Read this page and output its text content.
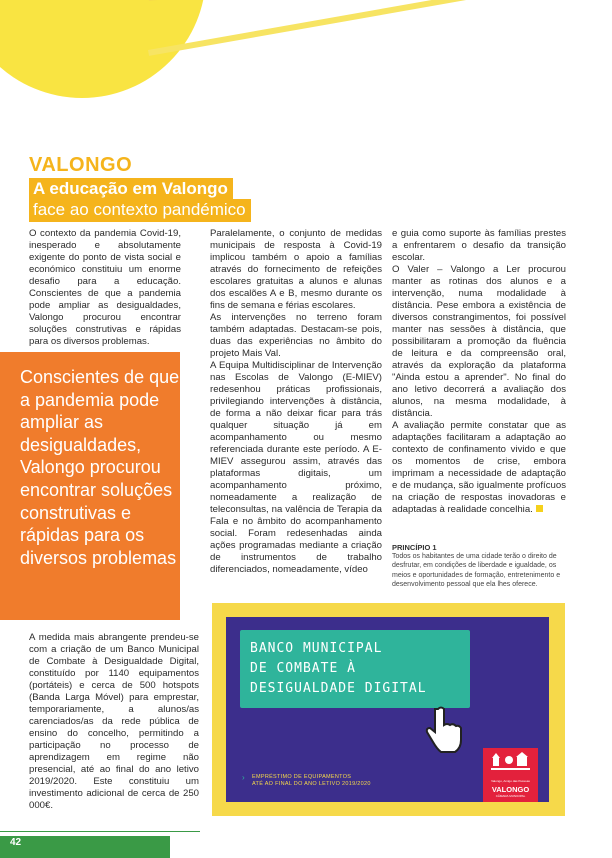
VALONGO
A educação em Valongo
face ao contexto pandémico

O contexto da pandemia Covid-19, inesperado e absolutamente exigente do ponto de vista social e económico constituiu um enorme desafio para a educação. Conscientes de que a pandemia pode ampliar as desigualdades, Valongo procurou encontrar soluções construtivas e rápidas para os diversos problemas.

Conscientes de que a pandemia pode ampliar as desigualdades, Valongo procurou encontrar soluções construtivas e rápidas para os diversos problemas

A medida mais abrangente prendeu-se com a criação de um Banco Municipal de Combate à Desigualdade Digital, constituído por 1140 equipamentos (portáteis) e cerca de 500 hotspots (Banda Larga Móvel) para emprestar, temporariamente, a alunos/as carenciados/as da rede pública de ensino do concelho, permitindo a participação no processo de aprendizagem em regime não presencial, até ao final do ano letivo 2019/2020. Este constituiu um investimento adicional de cerca de 250 000€.

Paralelamente, o conjunto de medidas municipais de resposta à Covid-19 implicou também o apoio a famílias através do fornecimento de refeições escolares gratuitas a alunos e alunas dos escalões A e B, mesmo durante os fins de semana e férias escolares.

As intervenções no terreno foram também adaptadas. Destacam-se pois, duas das experiências no âmbito do projeto Mais Val.

A Equipa Multidisciplinar de Intervenção nas Escolas de Valongo (E-MIEV) redesenhou práticas profissionais, privilegiando intervenções à distância, de forma a não deixar ficar para trás qualquer situação já em acompanhamento ou mesmo referenciada durante este período. A E-MIEV assegurou assim, através das plataformas digitais, um acompanhamento próximo, nomeadamente a realização de teleconsultas, na valência de Terapia da Fala e no âmbito do acompanhamento social. Foram redesenhadas ainda ações programadas mediante a criação de instrumentos de trabalho diferenciados, nomeadamente, vídeo

e guia como suporte às famílias prestes a enfrentarem o desafio da transição escolar.

O Valer – Valongo a Ler procurou manter as rotinas dos alunos e a intervenção, numa modalidade à distância. Pese embora a existência de diversos constrangimentos, foi possível manter nas sessões à distância, que possibilitaram a promoção da fluência de leitura e da compreensão oral, através da exploração da plataforma "Ainda estou a aprender". No final do ano letivo decorrerá a avaliação dos alunos, na mesma modalidade, à distância.

A avaliação permite constatar que as adaptações facilitaram a adaptação ao contexto de confinamento vivido e que os momentos de crise, embora imprimam a necessidade de adaptação e de mudança, são igualmente profícuos na criação de respostas inovadoras e adaptadas à realidade concelhia.

PRINCÍPIO 1
Todos os habitantes de uma cidade terão o direito de desfrutar, em condições de liberdade e igualdade, os meios e oportunidades de formação, entretenimento e desenvolvimento pessoal que ela lhes oferece.
BANCO MUNICIPAL
DE COMBATE À
DESIGUALDADE DIGITAL
› EMPRÉSTIMO DE EQUIPAMENTOS
ATÉ AO FINAL DO ANO LETIVO 2019/2020	Valongo, Amigo das Pessoas
VALONGO
CÂMARA MUNICIPAL
42
